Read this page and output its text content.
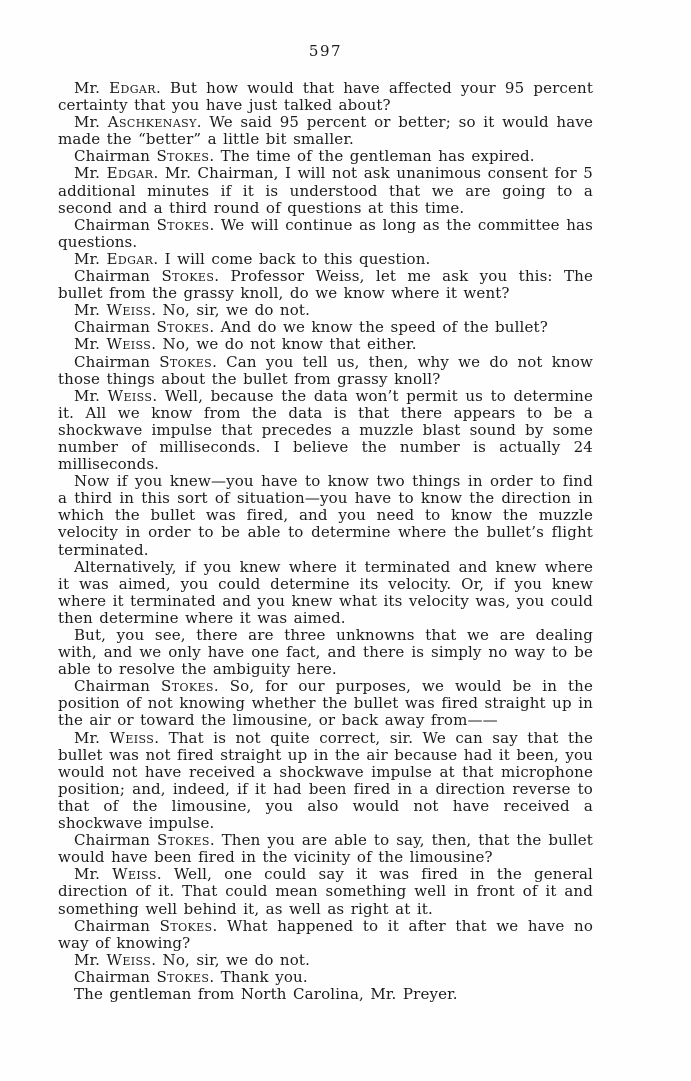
597

Mr. Edgar. But how would that have affected your 95 percent certainty that you have just talked about?

Mr. Aschkenasy. We said 95 percent or better; so it would have made the “better” a little bit smaller.

Chairman Stokes. The time of the gentleman has expired.

Mr. Edgar. Mr. Chairman, I will not ask unanimous consent for 5 additional minutes if it is understood that we are going to a second and a third round of questions at this time.

Chairman Stokes. We will continue as long as the committee has questions.

Mr. Edgar. I will come back to this question.

Chairman Stokes. Professor Weiss, let me ask you this: The bullet from the grassy knoll, do we know where it went?

Mr. Weiss. No, sir, we do not.

Chairman Stokes. And do we know the speed of the bullet?

Mr. Weiss. No, we do not know that either.

Chairman Stokes. Can you tell us, then, why we do not know those things about the bullet from grassy knoll?

Mr. Weiss. Well, because the data won’t permit us to determine it. All we know from the data is that there appears to be a shockwave impulse that precedes a muzzle blast sound by some number of milliseconds. I believe the number is actually 24 milliseconds.

Now if you knew—you have to know two things in order to find a third in this sort of situation—you have to know the direction in which the bullet was fired, and you need to know the muzzle velocity in order to be able to determine where the bullet’s flight terminated.

Alternatively, if you knew where it terminated and knew where it was aimed, you could determine its velocity. Or, if you knew where it terminated and you knew what its velocity was, you could then determine where it was aimed.

But, you see, there are three unknowns that we are dealing with, and we only have one fact, and there is simply no way to be able to resolve the ambiguity here.

Chairman Stokes. So, for our purposes, we would be in the position of not knowing whether the bullet was fired straight up in the air or toward the limousine, or back away from——

Mr. Weiss. That is not quite correct, sir. We can say that the bullet was not fired straight up in the air because had it been, you would not have received a shockwave impulse at that microphone position; and, indeed, if it had been fired in a direction reverse to that of the limousine, you also would not have received a shockwave impulse.

Chairman Stokes. Then you are able to say, then, that the bullet would have been fired in the vicinity of the limousine?

Mr. Weiss. Well, one could say it was fired in the general direction of it. That could mean something well in front of it and something well behind it, as well as right at it.

Chairman Stokes. What happened to it after that we have no way of knowing?

Mr. Weiss. No, sir, we do not.

Chairman Stokes. Thank you.

The gentleman from North Carolina, Mr. Preyer.
